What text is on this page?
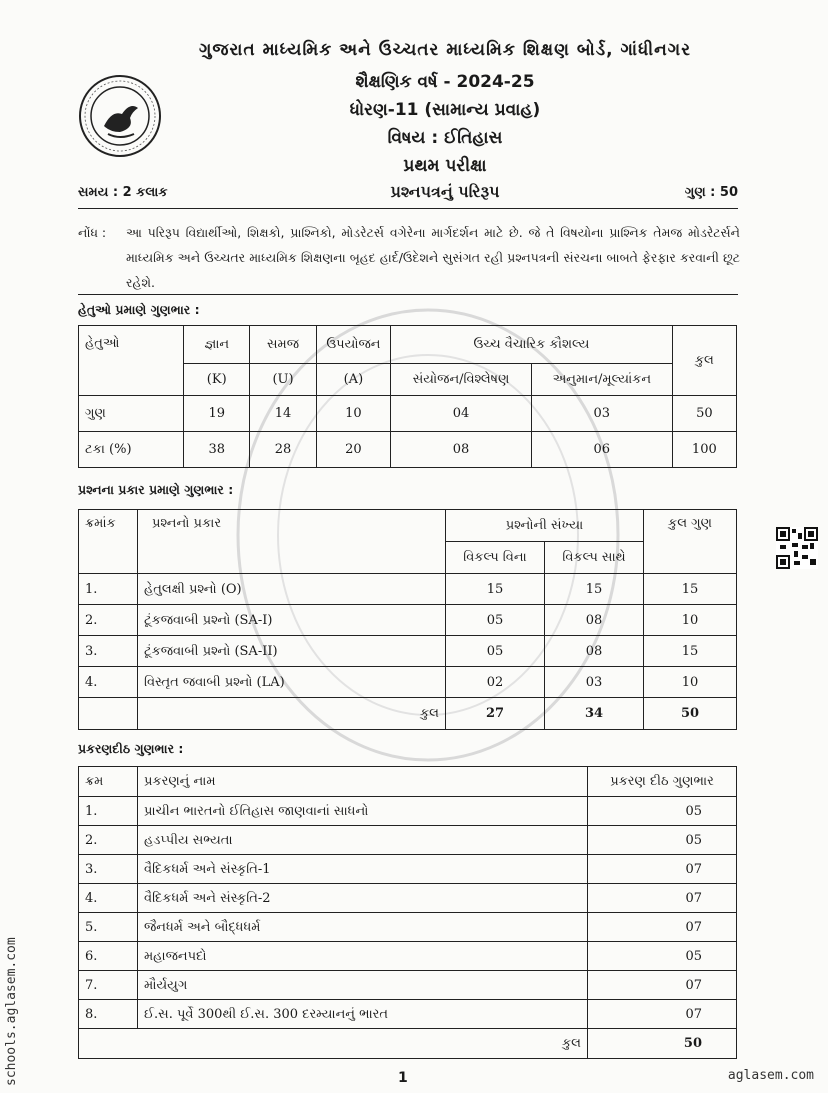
ગુજરાત માધ્યમિક અને ઉચ્ચતર માધ્યમિક શિક્ષણ બોર્ડ, ગાંધીનગર
શૈક્ષણિક વર્ષ - 2024-25
ધોરણ-11 (સામાન્ય પ્રવાહ)
વિષય : ઈતિહાસ
પ્રથમ પરીક્ષા
પ્રશ્નપત્રનું પરિરૂપ
સમય : 2 કલાક	ગુણ : 50
નોંધ : આ પરિરૂપ વિદ્યાર્થીઓ, શિક્ષકો, પ્રાશ્નિકો, મોડરેટર્સ વગેરેના માર્ગદર્શન માટે છે. જે તે વિષયોના પ્રાશ્નિક તેમજ મોડરેટર્સને માધ્યમિક અને ઉચ્ચતર માધ્યમિક શિક્ષણના બૃહદ હાર્દ/ઉદેશને સુસંગત રહી પ્રશ્નપત્રની સંરચના બાબતે ફેરફાર કરવાની છૂટ રહેશે.
હેતુઓ પ્રમાણે ગુણભાર :
હેતુઓ	જ્ઞાન	સમજ	ઉપયોજન	ઉચ્ચ વૈચારિક કૌશલ્ય		કુલ
	(K)	(U)	(A)	સંયોજન/વિશ્લેષણ	અનુમાન/મૂલ્યાંકન	
ગુણ	19	14	10	04	03	50
ટકા (%)	38	28	20	08	06	100
પ્રશ્નના પ્રકાર પ્રમાણે ગુણભાર :
ક્રમાંક	પ્રશ્નનો પ્રકાર	પ્રશ્નોની સંખ્યા		કુલ ગુણ
		વિકલ્પ વિના	વિકલ્પ સાથે	
1.	હેતુલક્ષી પ્રશ્નો (O)	15	15	15
2.	ટૂંકજવાબી પ્રશ્નો (SA-I)	05	08	10
3.	ટૂંકજવાબી પ્રશ્નો (SA-II)	05	08	15
4.	વિસ્તૃત જવાબી પ્રશ્નો (LA)	02	03	10
	કુલ	27	34	50
પ્રકરણદીઠ ગુણભાર :
ક્રમ	પ્રકરણનું નામ	પ્રકરણ દીઠ ગુણભાર
1.	પ્રાચીન ભારતનો ઈતિહાસ જાણવાનાં સાધનો	05
2.	હડપ્પીય સભ્યતા	05
3.	વૈદિકધર્મ અને સંસ્કૃતિ-1	07
4.	વૈદિકધર્મ અને સંસ્કૃતિ-2	07
5.	જૈનધર્મ અને બૌદ્ધધર્મ	07
6.	મહાજનપદો	05
7.	મૌર્યયુગ	07
8.	ઈ.સ. પૂર્વે 300થી ઈ.સ. 300 દરમ્યાનનું ભારત	07
	કુલ	50
1
schools.aglasem.com	aglasem.com
